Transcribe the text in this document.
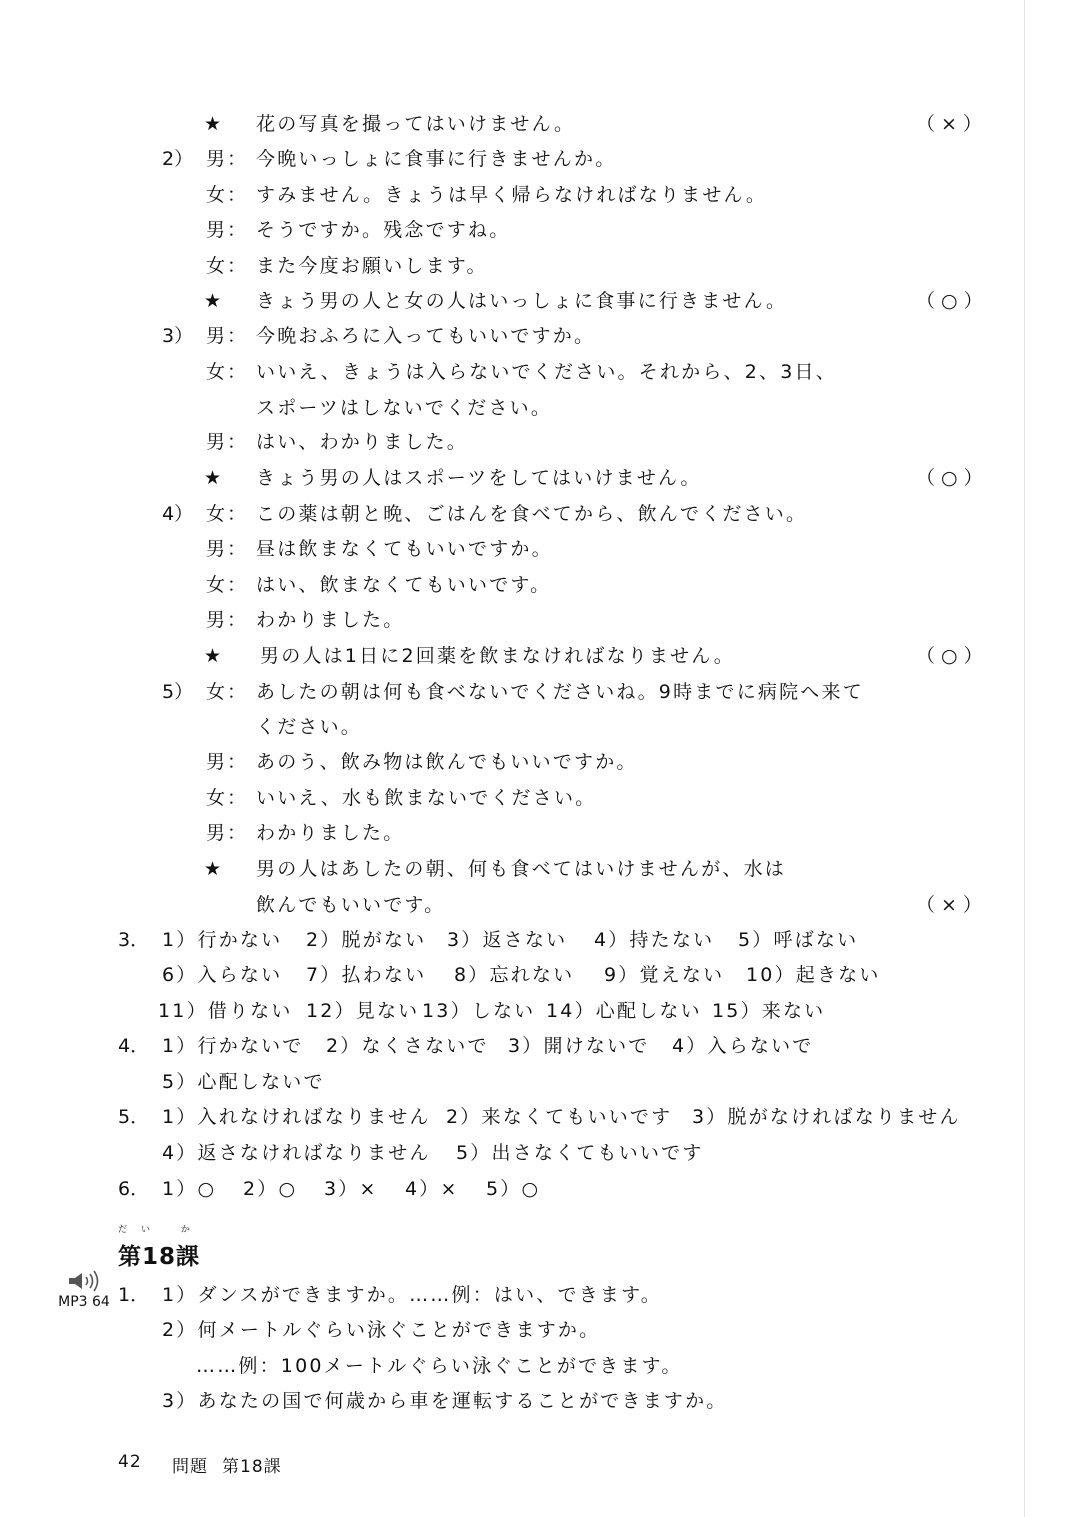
★ 花の写真を撮ってはいけません。	（×）
2） 男： 今晩いっしょに食事に行きませんか。
女： すみません。きょうは早く帰らなければなりません。
男： そうですか。残念ですね。
女： また今度お願いします。
★ きょう男の人と女の人はいっしょに食事に行きません。	（○）
3） 男： 今晩おふろに入ってもいいですか。
女： いいえ、きょうは入らないでください。それから、2、3日、
スポーツはしないでください。
男： はい、わかりました。
★ きょう男の人はスポーツをしてはいけません。	（○）
4） 女： この薬は朝と晩、ごはんを食べてから、飲んでください。
男： 昼は飲まなくてもいいですか。
女： はい、飲まなくてもいいです。
男： わかりました。
★ 男の人は1日に2回薬を飲まなければなりません。	（○）
5） 女： あしたの朝は何も食べないでくださいね。9時までに病院へ来て
ください。
男： あのう、飲み物は飲んでもいいですか。
女： いいえ、水も飲まないでください。
男： わかりました。
★ 男の人はあしたの朝、何も食べてはいけませんが、水は
飲んでもいいです。	（×）
3． 1）行かない 2）脱がない 3）返さない 4）持たない 5）呼ばない
6）入らない 7）払わない 8）忘れない 9）覚えない 10）起きない
11）借りない 12）見ない 13）しない 14）心配しない 15）来ない
4． 1）行かないで 2）なくさないで 3）開けないで 4）入らないで
5）心配しないで
5． 1）入れなければなりません 2）来なくてもいいです 3）脱がなければなりません
4）返さなければなりません 5）出さなくてもいいです
6． 1）○ 2）○ 3）× 4）× 5）○
だい か
第18課
MP3 64 1． 1）ダンスができますか。……例：はい、できます。
2）何メートルぐらい泳ぐことができますか。
……例：100メートルぐらい泳ぐことができます。
3）あなたの国で何歳から車を運転することができますか。
42 問題 第18課
